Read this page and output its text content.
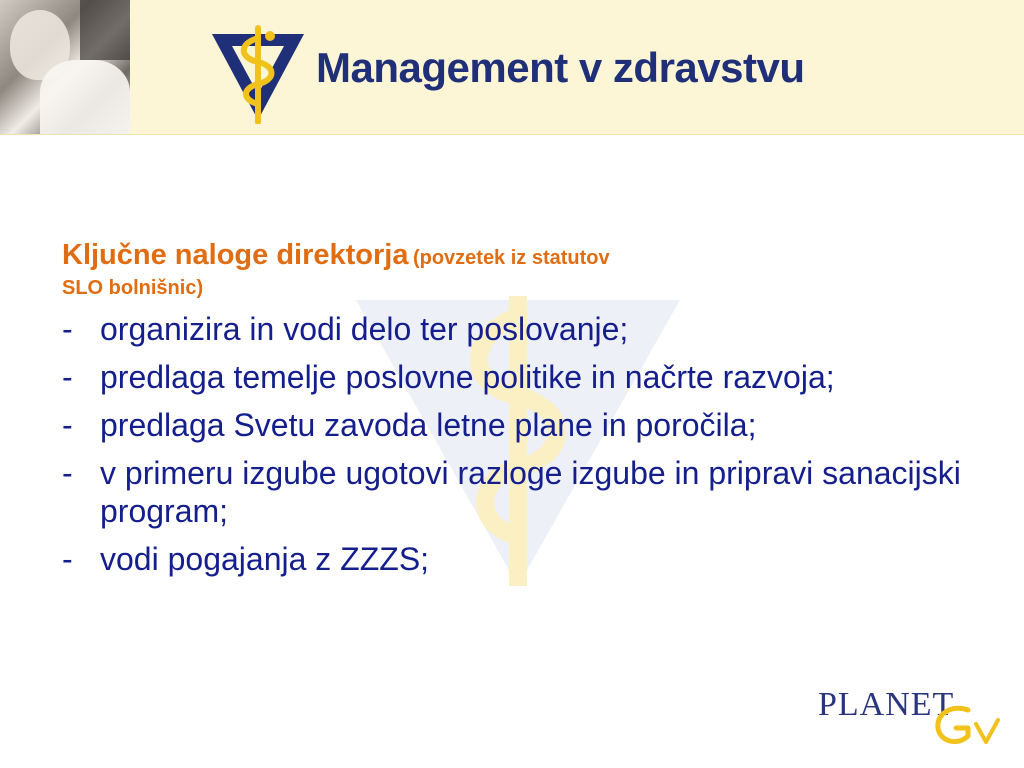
Management v zdravstvu

Ključne naloge direktorja (povzetek iz statutov
SLO bolnišnic)

- organizira in vodi delo ter poslovanje;
- predlaga temelje poslovne politike in načrte razvoja;
- predlaga Svetu zavoda letne plane in poročila;
- v primeru izgube ugotovi razloge izgube in pripravi sanacijski program;
- vodi pogajanja z ZZZS;
PLANET
